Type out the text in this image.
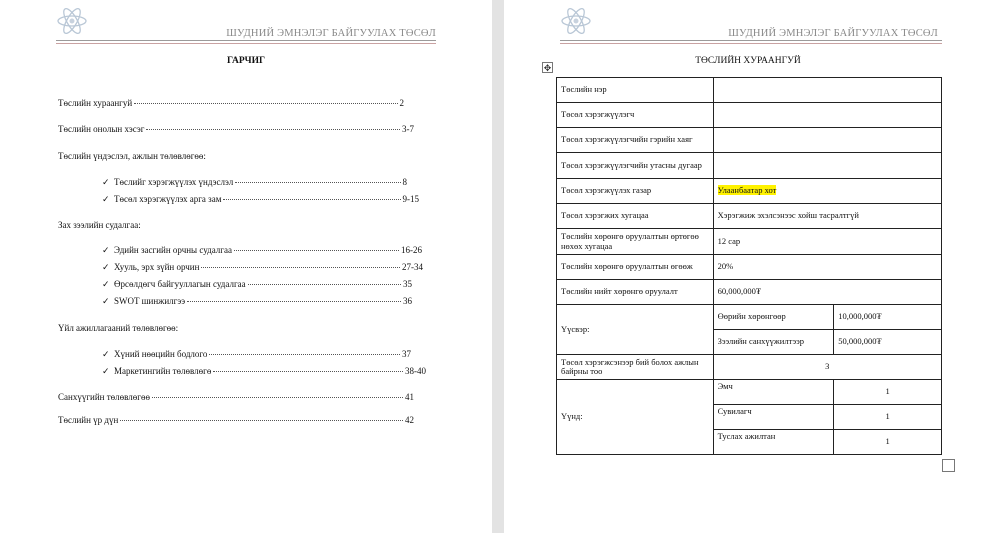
ШУДНИЙ ЭМНЭЛЭГ БАЙГУУЛАХ ТӨСӨЛ
ГАРЧИГ
Төслийн хураангуй	2
Төслийн онолын хэсэг	3-7
Төслийн үндэслэл, ажлын төлөвлөгөө:
✓ Төслийг хэрэгжүүлэх үндэслэл	8
✓ Төсөл хэрэгжүүлэх арга зам	9-15
Зах зээлийн судалгаа:
✓ Эдийн засгийн орчны судалгаа	16-26
✓ Хууль, эрх зүйн орчин	27-34
✓ Өрсөлдөгч байгууллагын судалгаа	35
✓ SWOT шинжилгээ	36
Үйл ажиллагааний төлөвлөгөө:
✓ Хүний нөөцийн бодлого	37
✓ Маркетингийн төлөвлөгө	38-40
Санхүүгийн төлөвлөгөө	41
Төслийн үр дүн	42
ШУДНИЙ ЭМНЭЛЭГ БАЙГУУЛАХ ТӨСӨЛ
✥
ТӨСЛИЙН ХУРААНГУЙ
Төслийн нэр		
Төсөл хэрэгжүүлэгч		
Төсөл хэрэгжүүлэгчийн гэрийн хаяг		
Төсөл хэрэгжүүлэгчийн утасны дугаар		
Төсөл хэрэгжүүлэх газар	Улаанбаатар хот	
Төсөл хэрэгжих хугацаа	Хэрэгжиж эхэлсэнээс хойш тасралтгүй	
Төслийн хөрөнгө оруулалтын өртөгөө нөхөх хугацаа	12 сар	
Төслийн хөрөнгө оруулалтын өгөөж	20%	
Төслийн нийт хөрөнгө оруулалт	60,000,000₮	
Үүсвэр:	Өөрийн хөрөнгөөр	10,000,000₮
	Зээлийн санхүүжилтээр	50,000,000₮
Төсөл хэрэгжсэнээр бий болох ажлын байрны тоо	3	
Үүнд:	Эмч	1
	Сувилагч	1
	Туслах ажилтан	1
